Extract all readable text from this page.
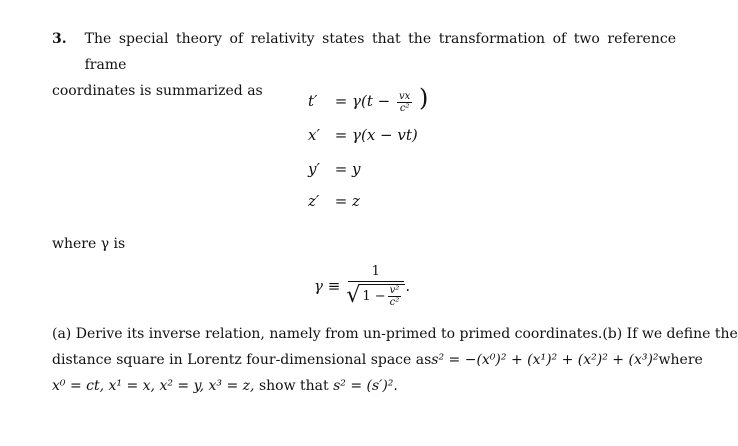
3.	The special theory of relativity states that the transformation of two reference frame
coordinates is summarized as
t′	= $\gamma(t - \frac{vx}{\text{c²}}$ )
x′ = γ(x − vt)
y′ = y
z′	= z
where γ is
γ ≡
1
√ $1 - \frac{\text{v²}}{\text{c²}}$ .
(a) Derive its inverse relation, namely from un-primed to primed coordinates. (b) If we define the
distance square in Lorentz four-dimensional space as s² = −(x⁰)² + (x¹)² + (x²)² + (x³)² where
x⁰ = ct, x¹ = x, x² = y, x³ = z, show that s² = (s′)².
